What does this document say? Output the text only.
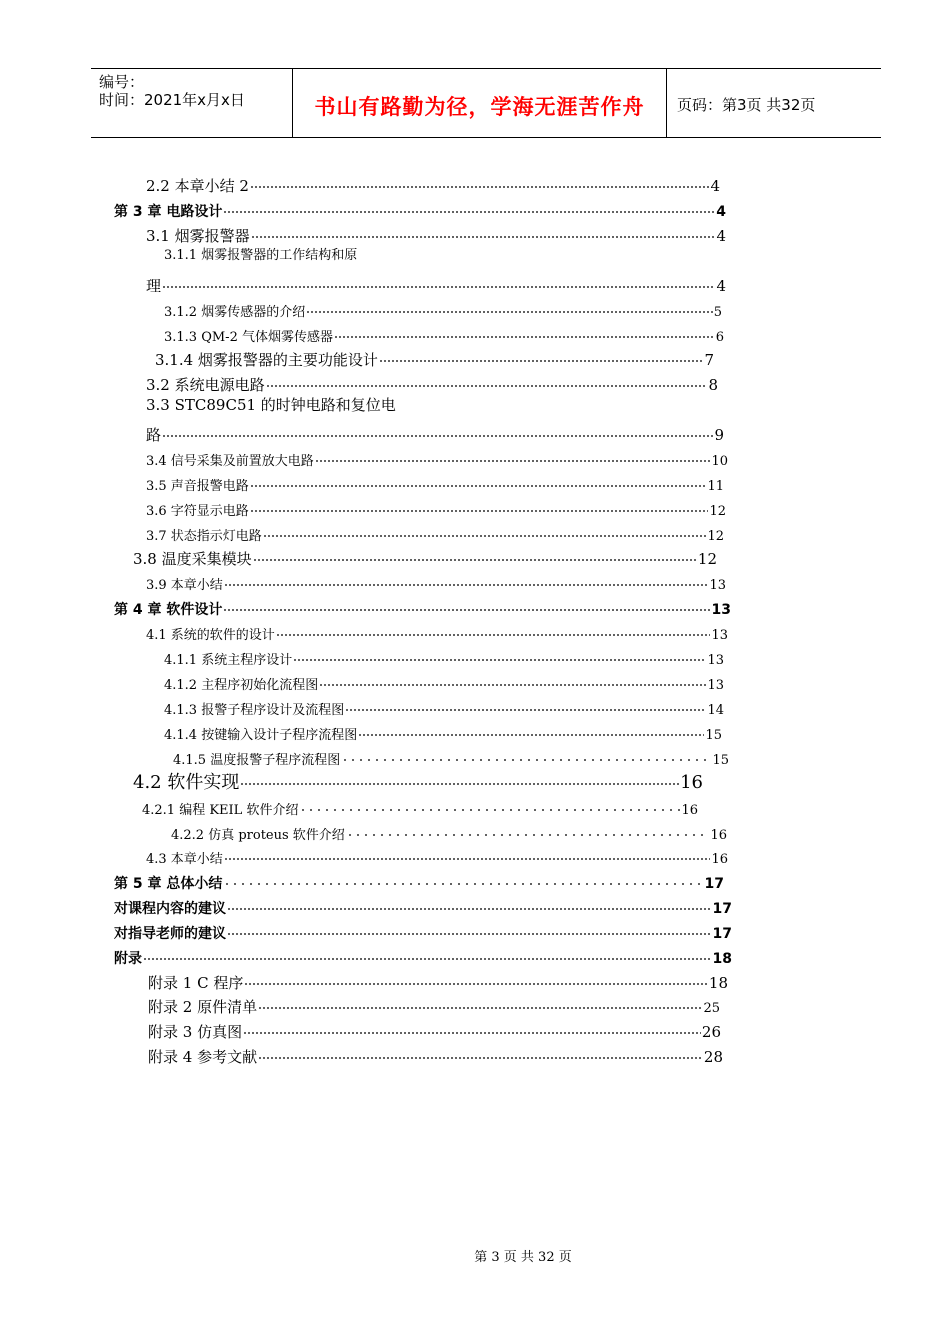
编号：
时间：2021年x月x日	书山有路勤为径，学海无涯苦作舟	页码：第3页 共32页
2.2 本章小结 2	4
第 3 章 电路设计	4
3.1 烟雾报警器	4
3.1.1 烟雾报警器的工作结构和原
理	4
3.1.2 烟雾传感器的介绍	5
3.1.3 QM-2 气体烟雾传感器	6
3.1.4 烟雾报警器的主要功能设计	7
3.2 系统电源电路	8
3.3 STC89C51 的时钟电路和复位电
路	9
3.4 信号采集及前置放大电路	10
3.5 声音报警电路	11
3.6 字符显示电路	12
3.7 状态指示灯电路	12
3.8 温度采集模块	12
3.9 本章小结	13
第 4 章 软件设计	13
4.1 系统的软件的设计	13
4.1.1 系统主程序设计	13
4.1.2 主程序初始化流程图	13
4.1.3 报警子程序设计及流程图	14
4.1.4 按键输入设计子程序流程图	15
4.1.5 温度报警子程序流程图	15
4.2 软件实现	16
4.2.1 编程 KEIL 软件介绍	16
4.2.2 仿真 proteus 软件介绍	16
4.3 本章小结	16
第 5 章 总体小结	17
对课程内容的建议	17
对指导老师的建议	17
附录	18
附录 1 C 程序	18
附录 2 原件清单	25
附录 3 仿真图	26
附录 4 参考文献	28
第 3 页 共 32 页
